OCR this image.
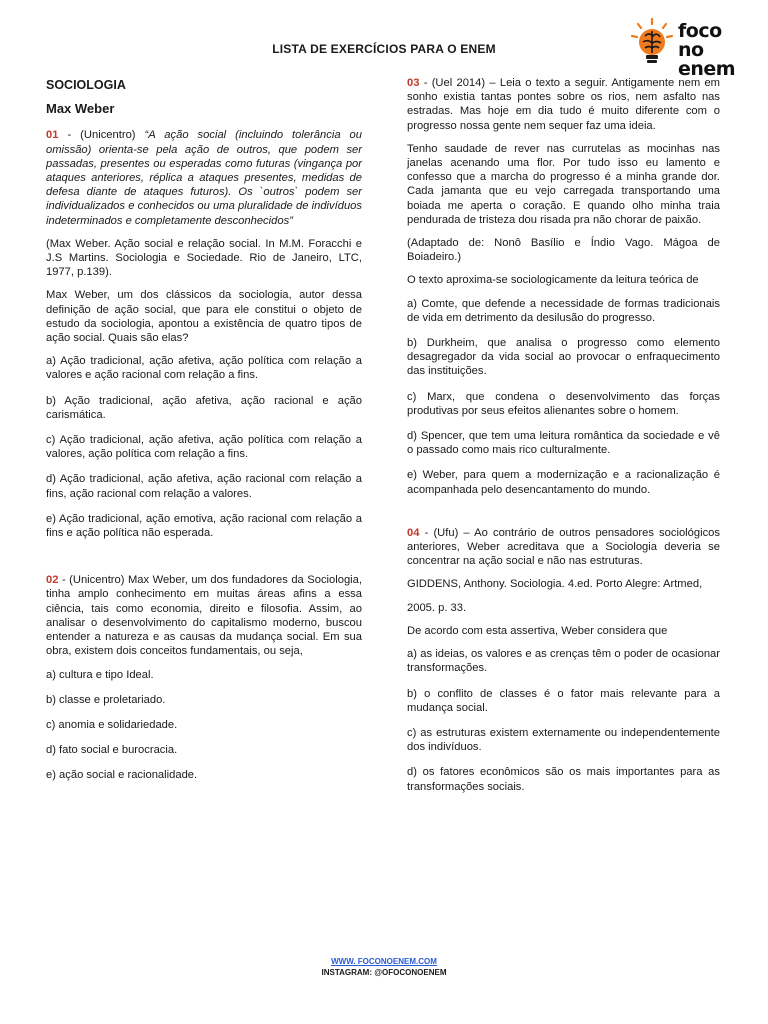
foco
no enem
LISTA DE EXERCÍCIOS PARA O ENEM

SOCIOLOGIA

Max Weber

01 - (Unicentro) “A ação social (incluindo tolerância ou omissão) orienta-se pela ação de outros, que podem ser passadas, presentes ou esperadas como futuras (vingança por ataques anteriores, réplica a ataques presentes, medidas de defesa diante de ataques futuros). Os `outros` podem ser individualizados e conhecidos ou uma pluralidade de indivíduos indeterminados e completamente desconhecidos”

(Max Weber. Ação social e relação social. In M.M. Foracchi e J.S Martins. Sociologia e Sociedade. Rio de Janeiro, LTC, 1977, p.139).

Max Weber, um dos clássicos da sociologia, autor dessa definição de ação social, que para ele constitui o objeto de estudo da sociologia, apontou a existência de quatro tipos de ação social. Quais são elas?

a) Ação tradicional, ação afetiva, ação política com relação a valores e ação racional com relação a fins.

b) Ação tradicional, ação afetiva, ação racional e ação carismática.

c) Ação tradicional, ação afetiva, ação política com relação a valores, ação política com relação a fins.

d) Ação tradicional, ação afetiva, ação racional com relação a fins, ação racional com relação a valores.

e) Ação tradicional, ação emotiva, ação racional com relação a fins e ação política não esperada.

02 - (Unicentro) Max Weber, um dos fundadores da Sociologia, tinha amplo conhecimento em muitas áreas afins a essa ciência, tais como economia, direito e filosofia. Assim, ao analisar o desenvolvimento do capitalismo moderno, buscou entender a natureza e as causas da mudança social. Em sua obra, existem dois conceitos fundamentais, ou seja,

a) cultura e tipo Ideal.

b) classe e proletariado.

c) anomia e solidariedade.

d) fato social e burocracia.

e) ação social e racionalidade.

03 - (Uel 2014) – Leia o texto a seguir. Antigamente nem em sonho existia tantas pontes sobre os rios, nem asfalto nas estradas. Mas hoje em dia tudo é muito diferente com o progresso nossa gente nem sequer faz uma ideia.

Tenho saudade de rever nas currutelas as mocinhas nas janelas acenando uma flor. Por tudo isso eu lamento e confesso que a marcha do progresso é a minha grande dor. Cada jamanta que eu vejo carregada transportando uma boiada me aperta o coração. E quando olho minha traia pendurada de tristeza dou risada pra não chorar de paixão.

(Adaptado de: Nonô Basílio e Índio Vago. Mágoa de Boiadeiro.)

O texto aproxima-se sociologicamente da leitura teórica de

a) Comte, que defende a necessidade de formas tradicionais de vida em detrimento da desilusão do progresso.

b) Durkheim, que analisa o progresso como elemento desagregador da vida social ao provocar o enfraquecimento das instituições.

c) Marx, que condena o desenvolvimento das forças produtivas por seus efeitos alienantes sobre o homem.

d) Spencer, que tem uma leitura romântica da sociedade e vê o passado como mais rico culturalmente.

e) Weber, para quem a modernização e a racionalização é acompanhada pelo desencantamento do mundo.

04 - (Ufu) – Ao contrário de outros pensadores sociológicos anteriores, Weber acreditava que a Sociologia deveria se concentrar na ação social e não nas estruturas.

GIDDENS, Anthony. Sociologia. 4.ed. Porto Alegre: Artmed,

2005. p. 33.

De acordo com esta assertiva, Weber considera que

a) as ideias, os valores e as crenças têm o poder de ocasionar transformações.

b) o conflito de classes é o fator mais relevante para a mudança social.

c) as estruturas existem externamente ou independentemente dos indivíduos.

d) os fatores econômicos são os mais importantes para as transformações sociais.

WWW. FOCONOENEM.COM
INSTAGRAM: @OFOCONOENEM
